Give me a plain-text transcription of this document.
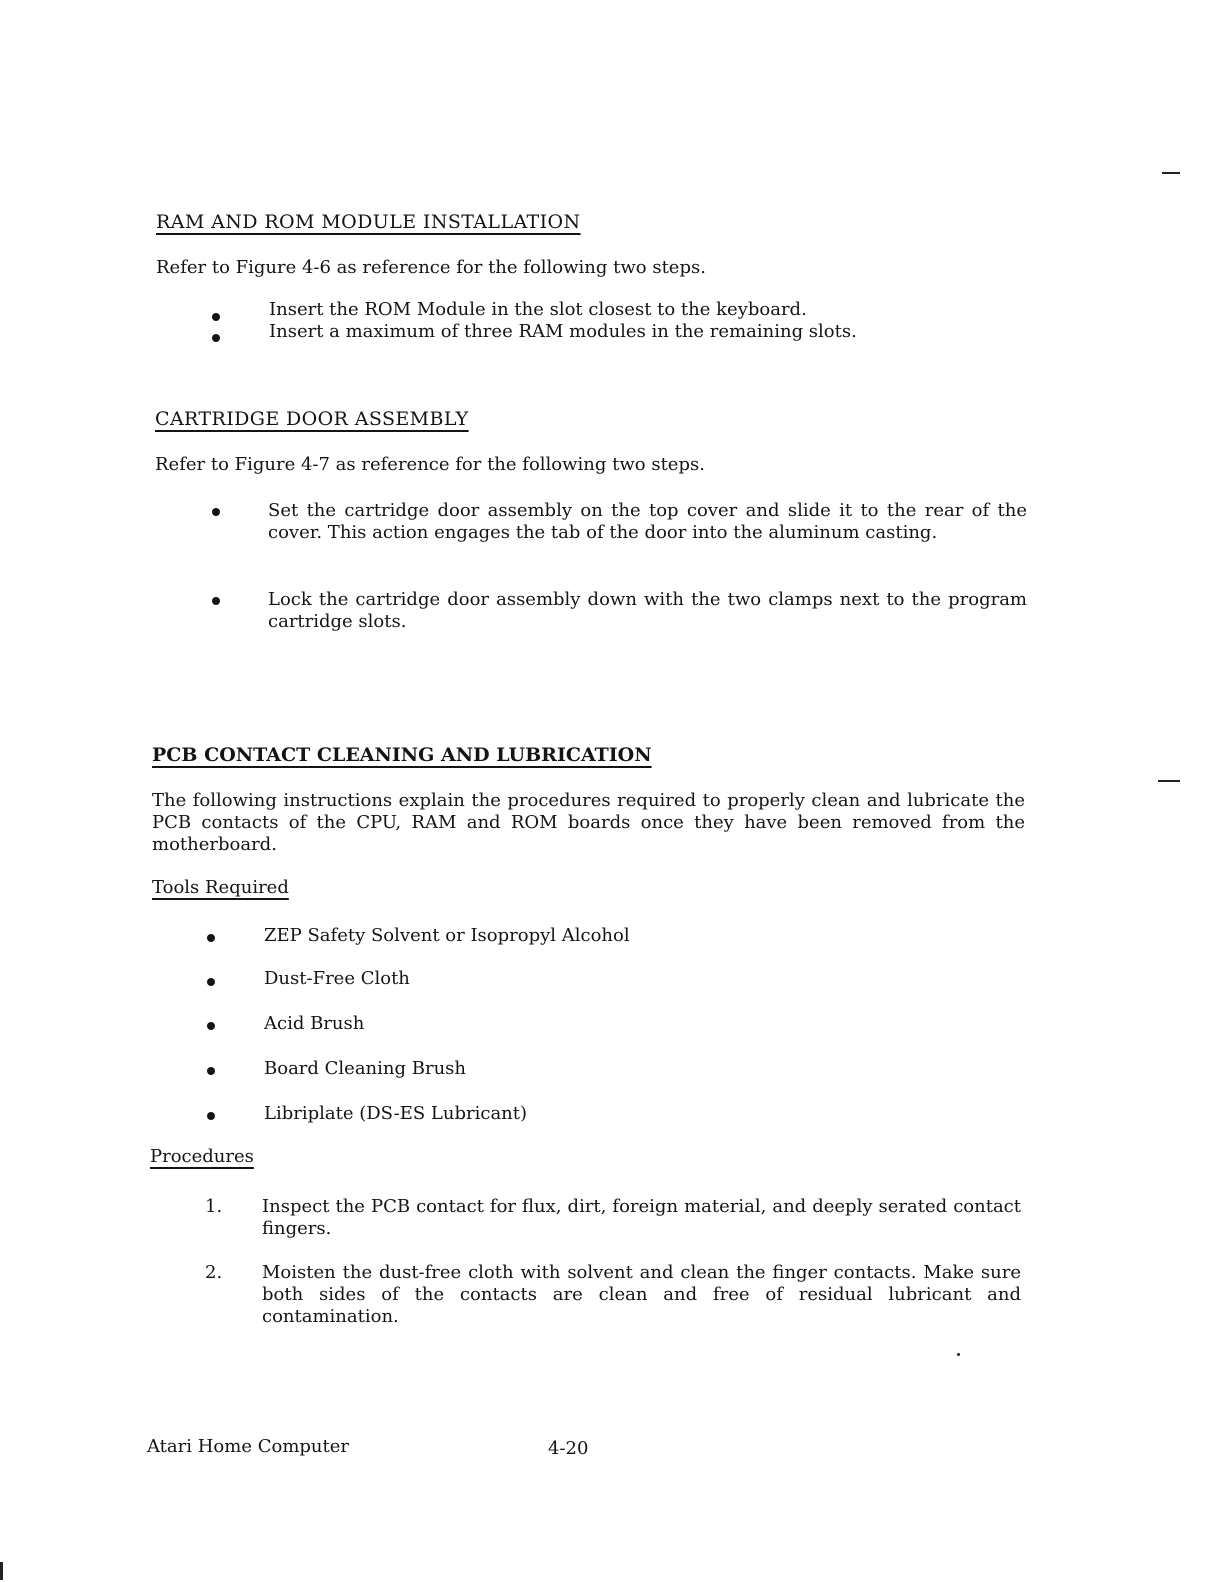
RAM AND ROM MODULE INSTALLATION
Refer to Figure 4-6 as reference for the following two steps.
Insert the ROM Module in the slot closest to the keyboard.
Insert a maximum of three RAM modules in the remaining slots.
CARTRIDGE DOOR ASSEMBLY
Refer to Figure 4-7 as reference for the following two steps.
Set the cartridge door assembly on the top cover and slide it to the rear of the cover. This action engages the tab of the door into the aluminum casting.
Lock the cartridge door assembly down with the two clamps next to the program cartridge slots.
PCB CONTACT CLEANING AND LUBRICATION
The following instructions explain the procedures required to properly clean and lubricate the PCB contacts of the CPU, RAM and ROM boards once they have been removed from the motherboard.
Tools Required
ZEP Safety Solvent or Isopropyl Alcohol
Dust-Free Cloth
Acid Brush
Board Cleaning Brush
Libriplate (DS-ES Lubricant)
Procedures
1. Inspect the PCB contact for flux, dirt, foreign material, and deeply serated contact fingers.
2. Moisten the dust-free cloth with solvent and clean the finger contacts. Make sure both sides of the contacts are clean and free of residual lubricant and contamination.
Atari Home Computer	4-20
